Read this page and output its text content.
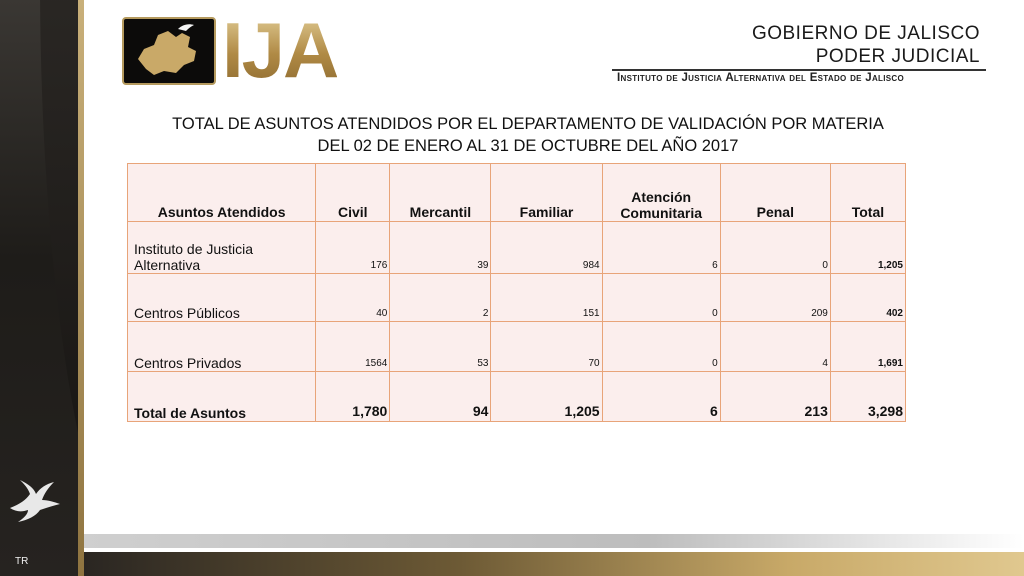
TR
IJA	GOBIERNO DE JALISCO
PODER JUDICIAL
Instituto de Justicia Alternativa del Estado de Jalisco
TOTAL DE ASUNTOS ATENDIDOS POR EL DEPARTAMENTO DE VALIDACIÓN POR MATERIA
DEL 02 DE ENERO AL 31 DE OCTUBRE DEL AÑO 2017
Asuntos Atendidos	Civil	Mercantil	Familiar	Atención Comunitaria	Penal	Total
Instituto de Justicia Alternativa	176	39	984	6	0	1,205
Centros Públicos	40	2	151	0	209	402
Centros Privados	1564	53	70	0	4	1,691
Total de Asuntos	1,780	94	1,205	6	213	3,298
